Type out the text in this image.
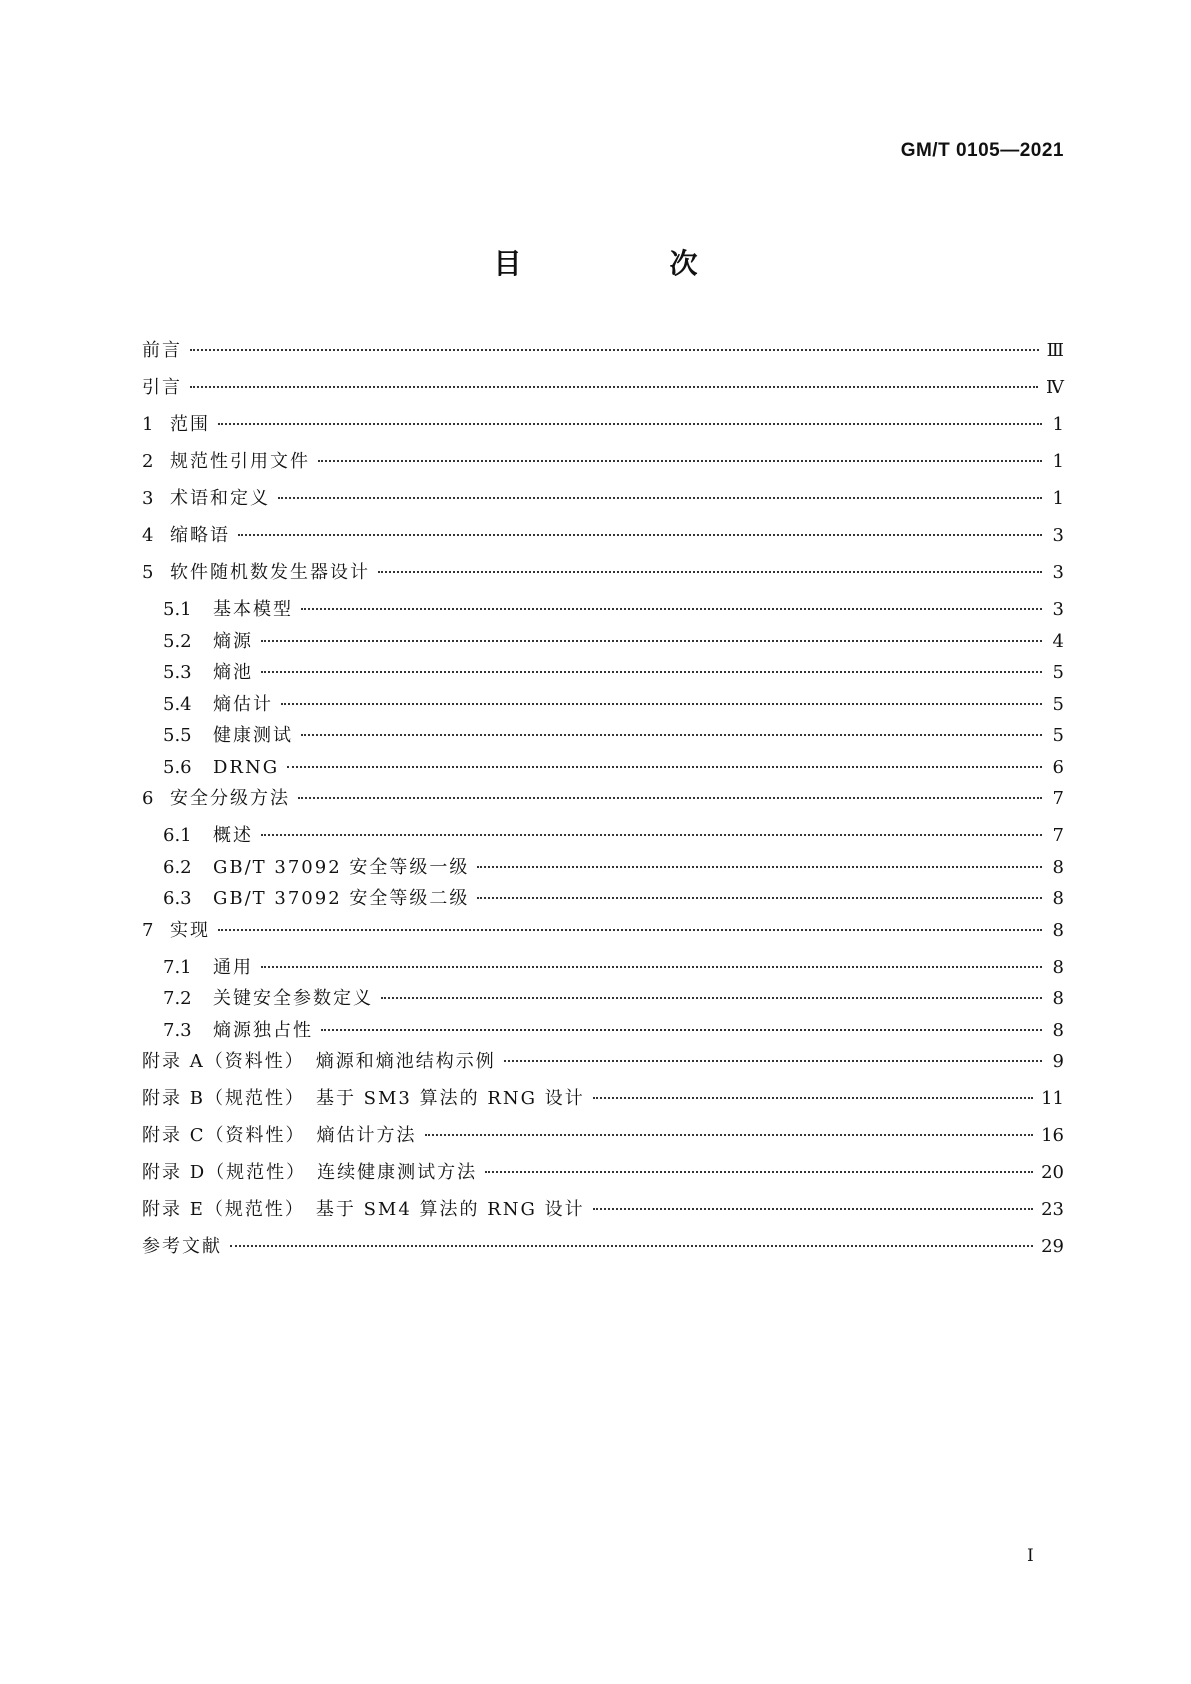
GM/T 0105—2021
目　次
前言	Ⅲ
引言	Ⅳ
1 范围	1
2 规范性引用文件	1
3 术语和定义	1
4 缩略语	3
5 软件随机数发生器设计	3
5.1 基本模型	3
5.2 熵源	4
5.3 熵池	5
5.4 熵估计	5
5.5 健康测试	5
5.6 DRNG	6
6 安全分级方法	7
6.1 概述	7
6.2 GB/T 37092 安全等级一级	8
6.3 GB/T 37092 安全等级二级	8
7 实现	8
7.1 通用	8
7.2 关键安全参数定义	8
7.3 熵源独占性	8
附录 A（资料性）　熵源和熵池结构示例	9
附录 B（规范性）　基于 SM3 算法的 RNG 设计	11
附录 C（资料性）　熵估计方法	16
附录 D（规范性）　连续健康测试方法	20
附录 E（规范性）　基于 SM4 算法的 RNG 设计	23
参考文献	29
Ⅰ
